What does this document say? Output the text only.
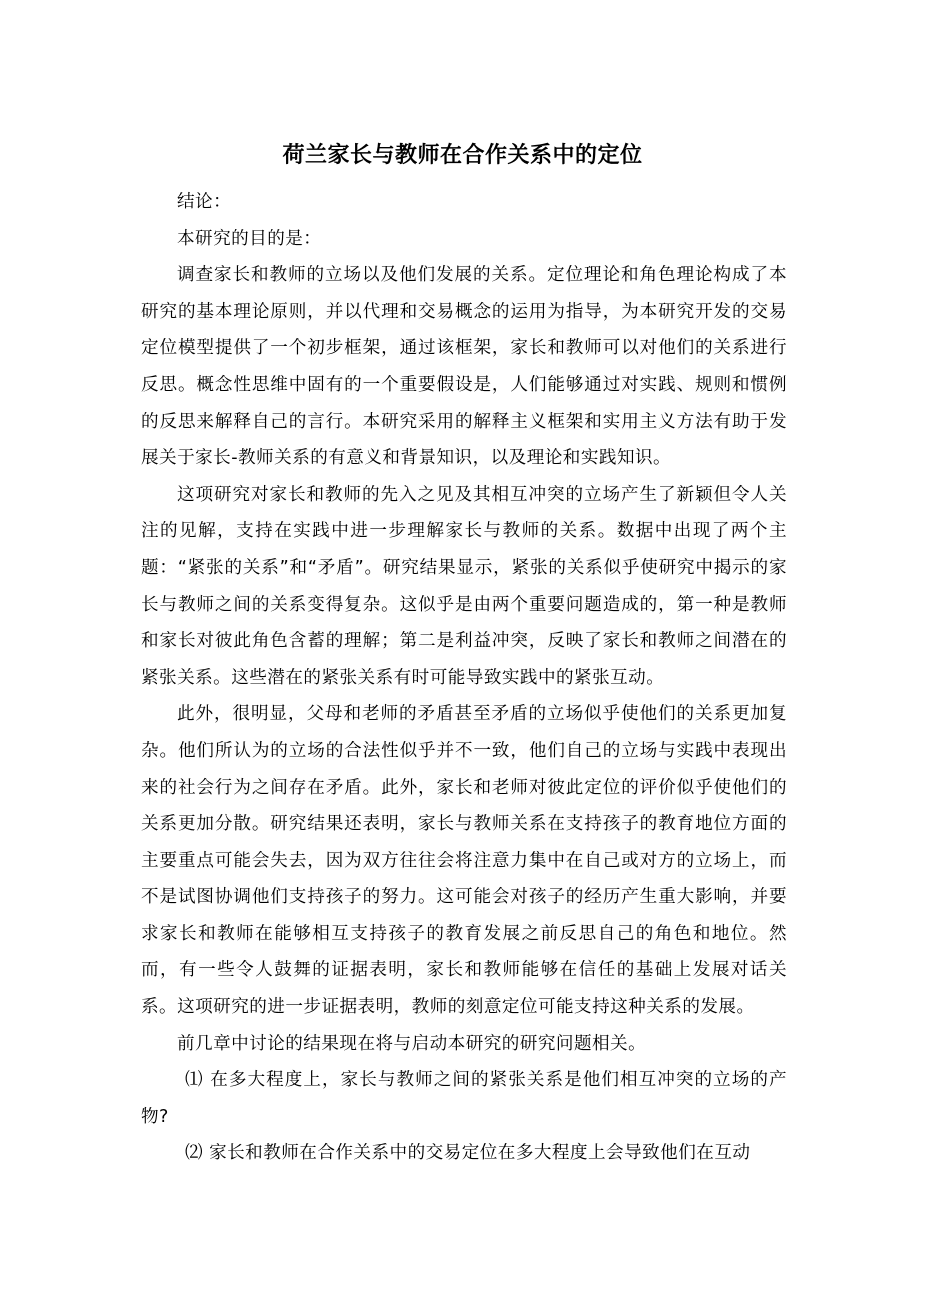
荷兰家长与教师在合作关系中的定位

结论：

本研究的目的是：

调查家长和教师的立场以及他们发展的关系。定位理论和角色理论构成了本研究的基本理论原则，并以代理和交易概念的运用为指导，为本研究开发的交易定位模型提供了一个初步框架，通过该框架，家长和教师可以对他们的关系进行反思。概念性思维中固有的一个重要假设是，人们能够通过对实践、规则和惯例的反思来解释自己的言行。本研究采用的解释主义框架和实用主义方法有助于发展关于家长-教师关系的有意义和背景知识，以及理论和实践知识。

这项研究对家长和教师的先入之见及其相互冲突的立场产生了新颖但令人关注的见解，支持在实践中进一步理解家长与教师的关系。数据中出现了两个主题：“紧张的关系”和“矛盾”。研究结果显示，紧张的关系似乎使研究中揭示的家长与教师之间的关系变得复杂。这似乎是由两个重要问题造成的，第一种是教师和家长对彼此角色含蓄的理解；第二是利益冲突，反映了家长和教师之间潜在的紧张关系。这些潜在的紧张关系有时可能导致实践中的紧张互动。

此外，很明显，父母和老师的矛盾甚至矛盾的立场似乎使他们的关系更加复杂。他们所认为的立场的合法性似乎并不一致，他们自己的立场与实践中表现出来的社会行为之间存在矛盾。此外，家长和老师对彼此定位的评价似乎使他们的关系更加分散。研究结果还表明，家长与教师关系在支持孩子的教育地位方面的主要重点可能会失去，因为双方往往会将注意力集中在自己或对方的立场上，而不是试图协调他们支持孩子的努力。这可能会对孩子的经历产生重大影响，并要求家长和教师在能够相互支持孩子的教育发展之前反思自己的角色和地位。然而，有一些令人鼓舞的证据表明，家长和教师能够在信任的基础上发展对话关系。这项研究的进一步证据表明，教师的刻意定位可能支持这种关系的发展。

前几章中讨论的结果现在将与启动本研究的研究问题相关。

⑴ 在多大程度上，家长与教师之间的紧张关系是他们相互冲突的立场的产物?

⑵ 家长和教师在合作关系中的交易定位在多大程度上会导致他们在互动
